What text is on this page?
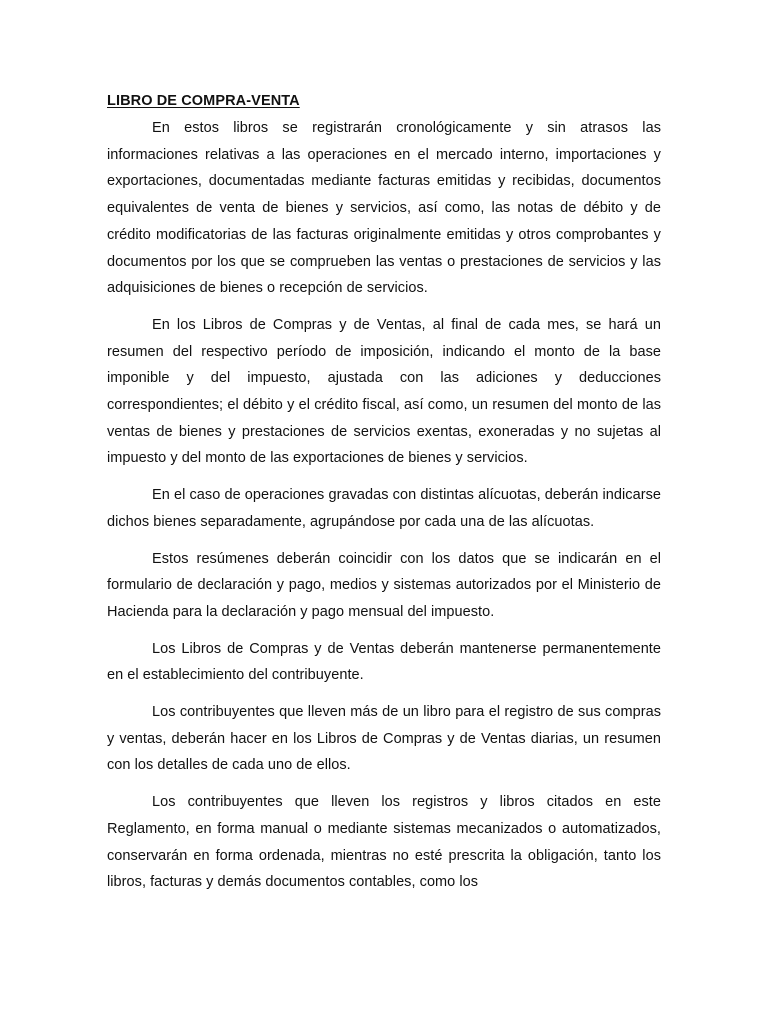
LIBRO DE COMPRA-VENTA

En estos libros se registrarán cronológicamente y sin atrasos las informaciones relativas a las operaciones en el mercado interno, importaciones y exportaciones, documentadas mediante facturas emitidas y recibidas, documentos equivalentes de venta de bienes y servicios, así como, las notas de débito y de crédito modificatorias de las facturas originalmente emitidas y otros comprobantes y documentos por los que se comprueben las ventas o prestaciones de servicios y las adquisiciones de bienes o recepción de servicios.

En los Libros de Compras y de Ventas, al final de cada mes, se hará un resumen del respectivo período de imposición, indicando el monto de la base imponible y del impuesto, ajustada con las adiciones y deducciones correspondientes; el débito y el crédito fiscal, así como, un resumen del monto de las ventas de bienes y prestaciones de servicios exentas, exoneradas y no sujetas al impuesto y del monto de las exportaciones de bienes y servicios.

En el caso de operaciones gravadas con distintas alícuotas, deberán indicarse dichos bienes separadamente, agrupándose por cada una de las alícuotas.

Estos resúmenes deberán coincidir con los datos que se indicarán en el formulario de declaración y pago, medios y sistemas autorizados por el Ministerio de Hacienda para la declaración y pago mensual del impuesto.

Los Libros de Compras y de Ventas deberán mantenerse permanentemente en el establecimiento del contribuyente.

Los contribuyentes que lleven más de un libro para el registro de sus compras y ventas, deberán hacer en los Libros de Compras y de Ventas diarias, un resumen con los detalles de cada uno de ellos.

Los contribuyentes que lleven los registros y libros citados en este Reglamento, en forma manual o mediante sistemas mecanizados o automatizados, conservarán en forma ordenada, mientras no esté prescrita la obligación, tanto los libros, facturas y demás documentos contables, como los
